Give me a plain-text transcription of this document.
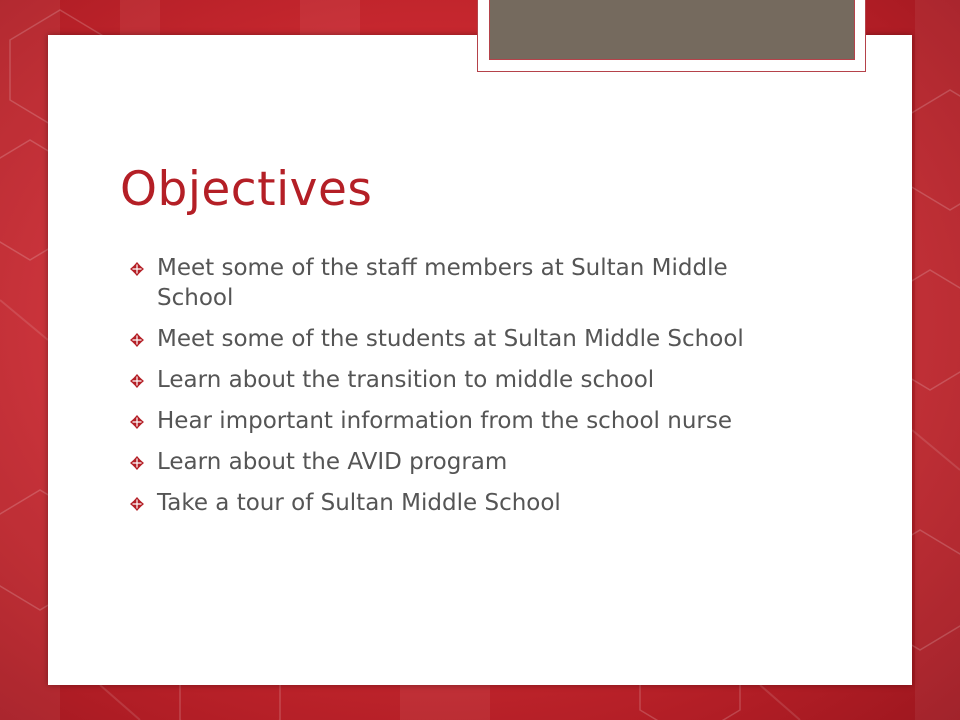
Objectives
Meet some of the staff members at Sultan Middle School
Meet some of the students at Sultan Middle School
Learn about the transition to middle school
Hear important information from the school nurse
Learn about the AVID program
Take a tour of Sultan Middle School
